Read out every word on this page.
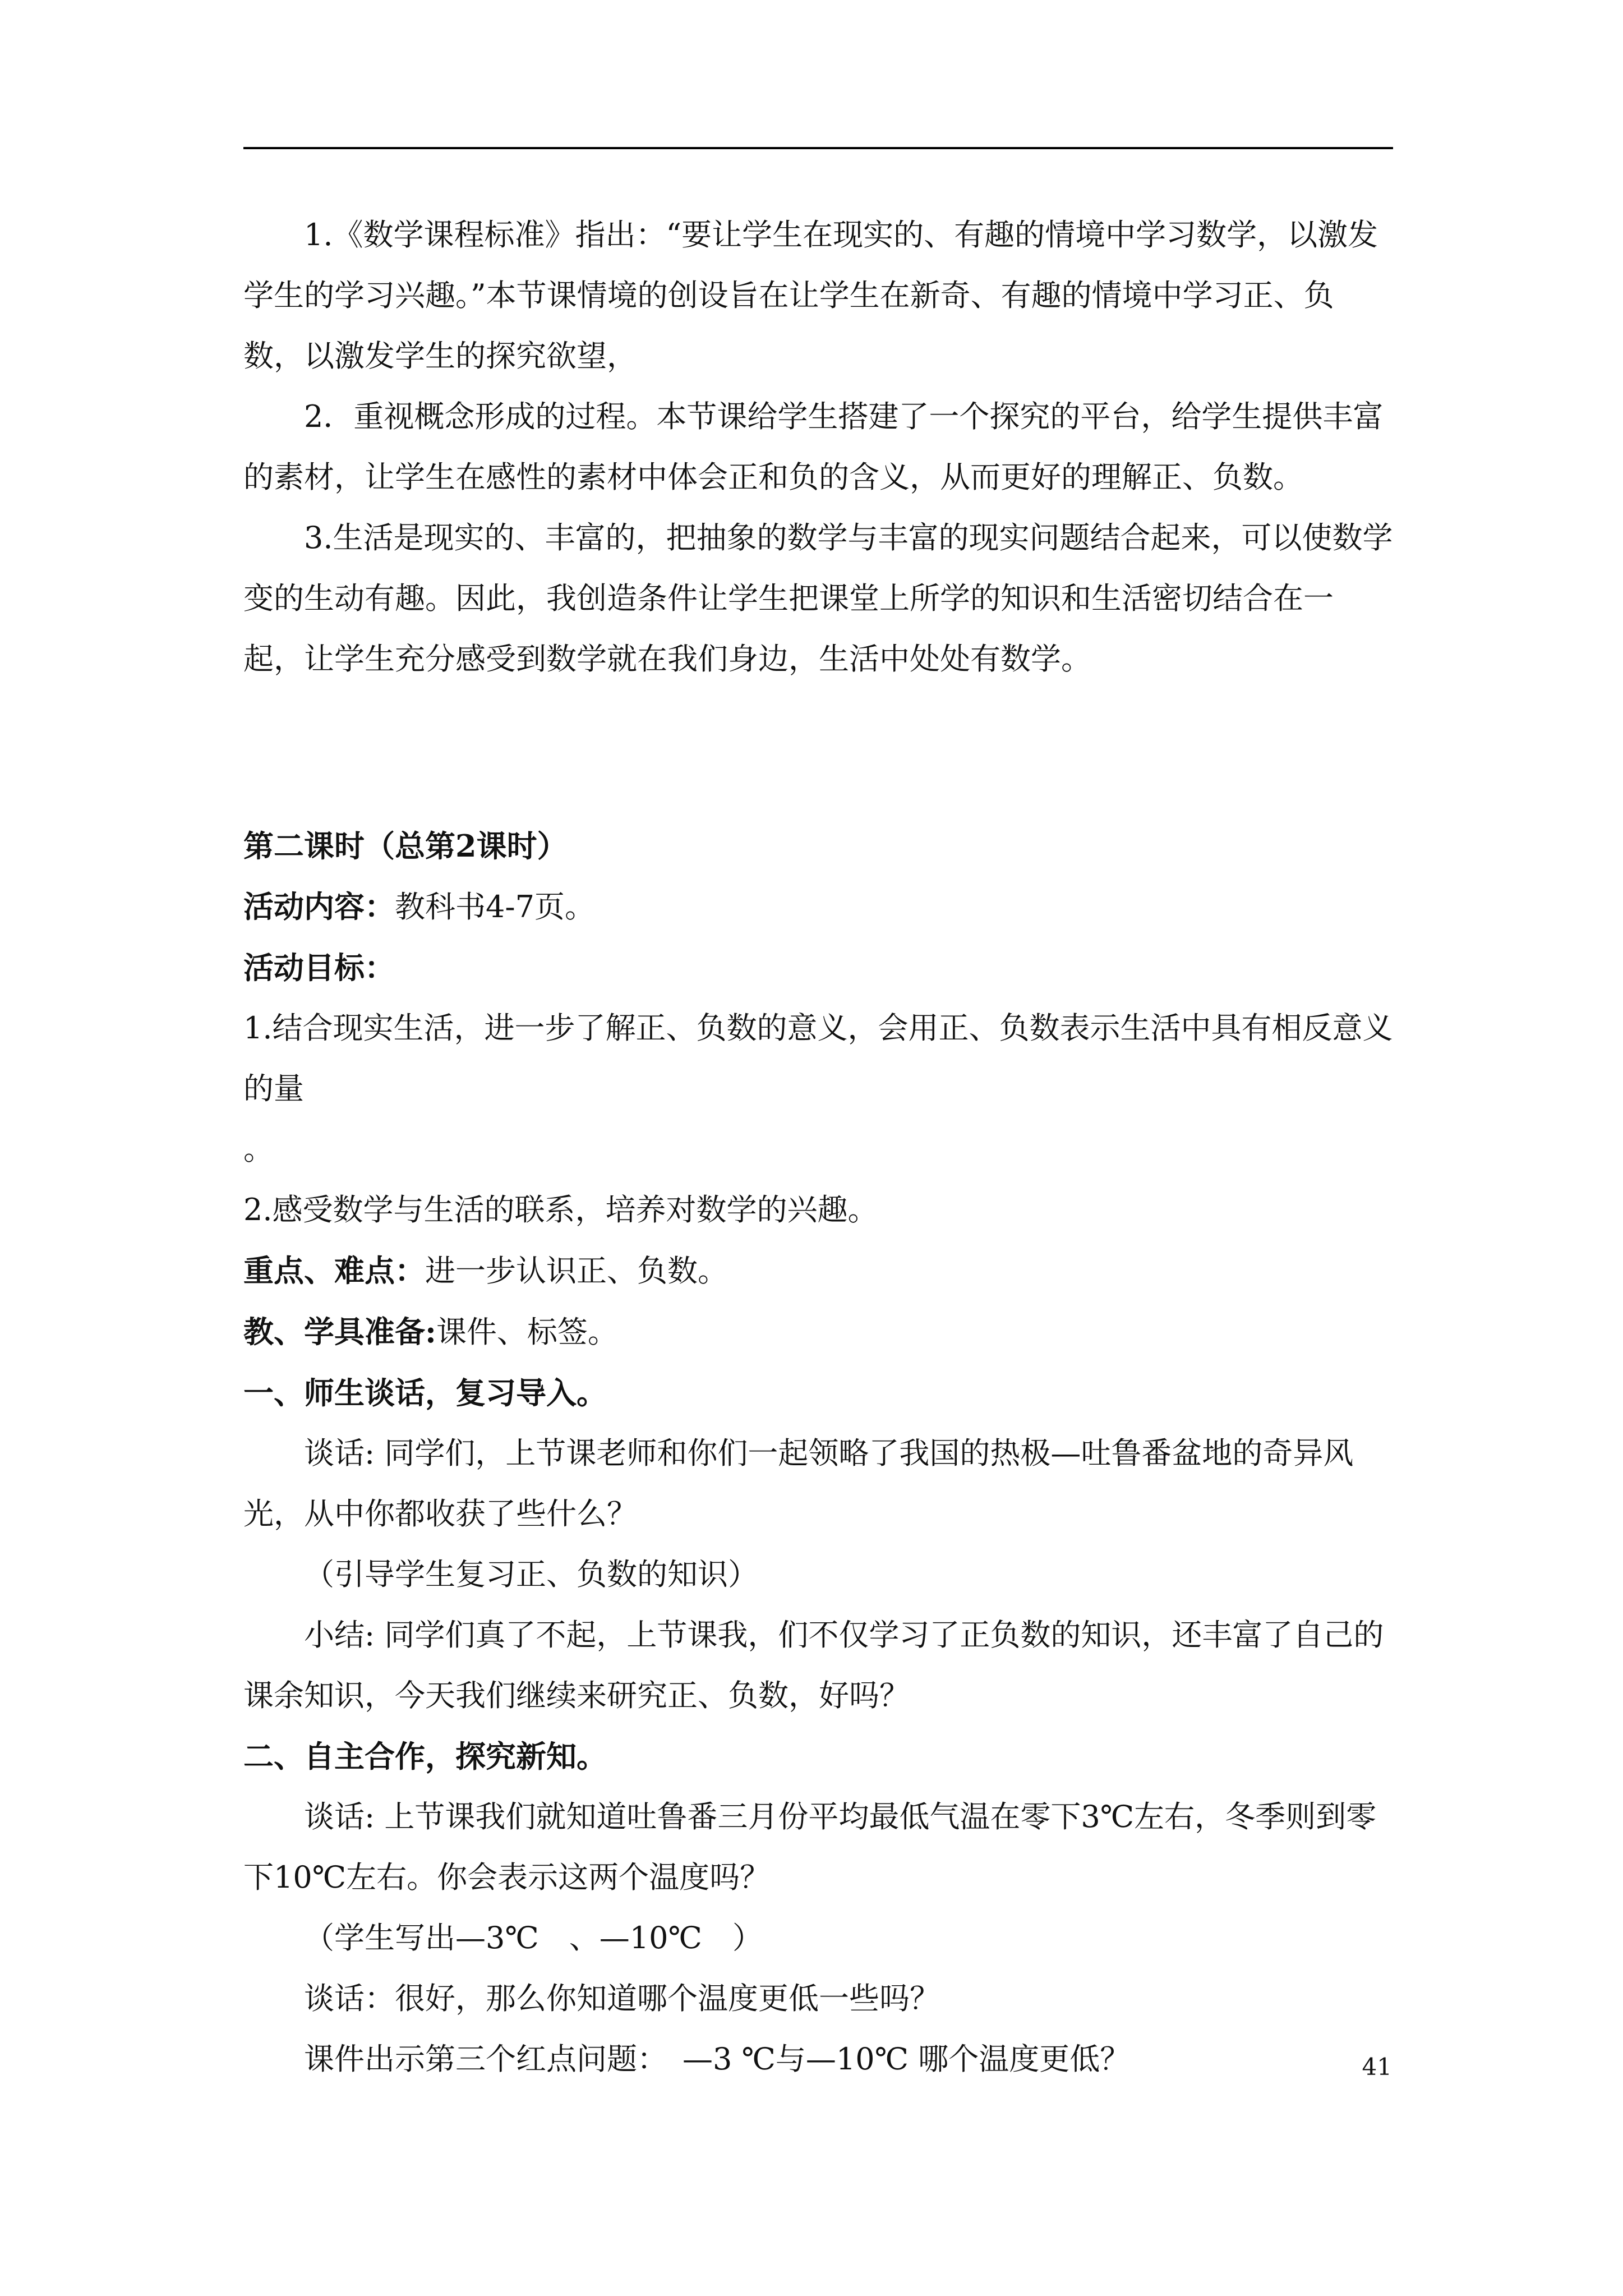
1.《数学课程标准》指出：“要让学生在现实的、有趣的情境中学习数学，以激发学生的学习兴趣。”本节课情境的创设旨在让学生在新奇、有趣的情境中学习正、负数，以激发学生的探究欲望，

2．重视概念形成的过程。本节课给学生搭建了一个探究的平台，给学生提供丰富的素材，让学生在感性的素材中体会正和负的含义，从而更好的理解正、负数。

3.生活是现实的、丰富的，把抽象的数学与丰富的现实问题结合起来，可以使数学变的生动有趣。因此，我创造条件让学生把课堂上所学的知识和生活密切结合在一起，让学生充分感受到数学就在我们身边，生活中处处有数学。

第二课时（总第2课时）

活动内容：教科书4-7页。

活动目标：

1.结合现实生活，进一步了解正、负数的意义，会用正、负数表示生活中具有相反意义的量

。

2.感受数学与生活的联系，培养对数学的兴趣。

重点、难点：进一步认识正、负数。

教、学具准备:课件、标签。

一、师生谈话，复习导入。

谈话: 同学们，上节课老师和你们一起领略了我国的热极—吐鲁番盆地的奇异风光，从中你都收获了些什么？

（引导学生复习正、负数的知识）

小结: 同学们真了不起，上节课我，们不仅学习了正负数的知识，还丰富了自己的课余知识，今天我们继续来研究正、负数，好吗？

二、自主合作，探究新知。

谈话: 上节课我们就知道吐鲁番三月份平均最低气温在零下3℃左右，冬季则到零下10℃左右。你会表示这两个温度吗？

（学生写出—3℃　、—10℃　）

谈话：很好，那么你知道哪个温度更低一些吗？

课件出示第三个红点问题：　—3 ℃与—10℃ 哪个温度更低？	41
